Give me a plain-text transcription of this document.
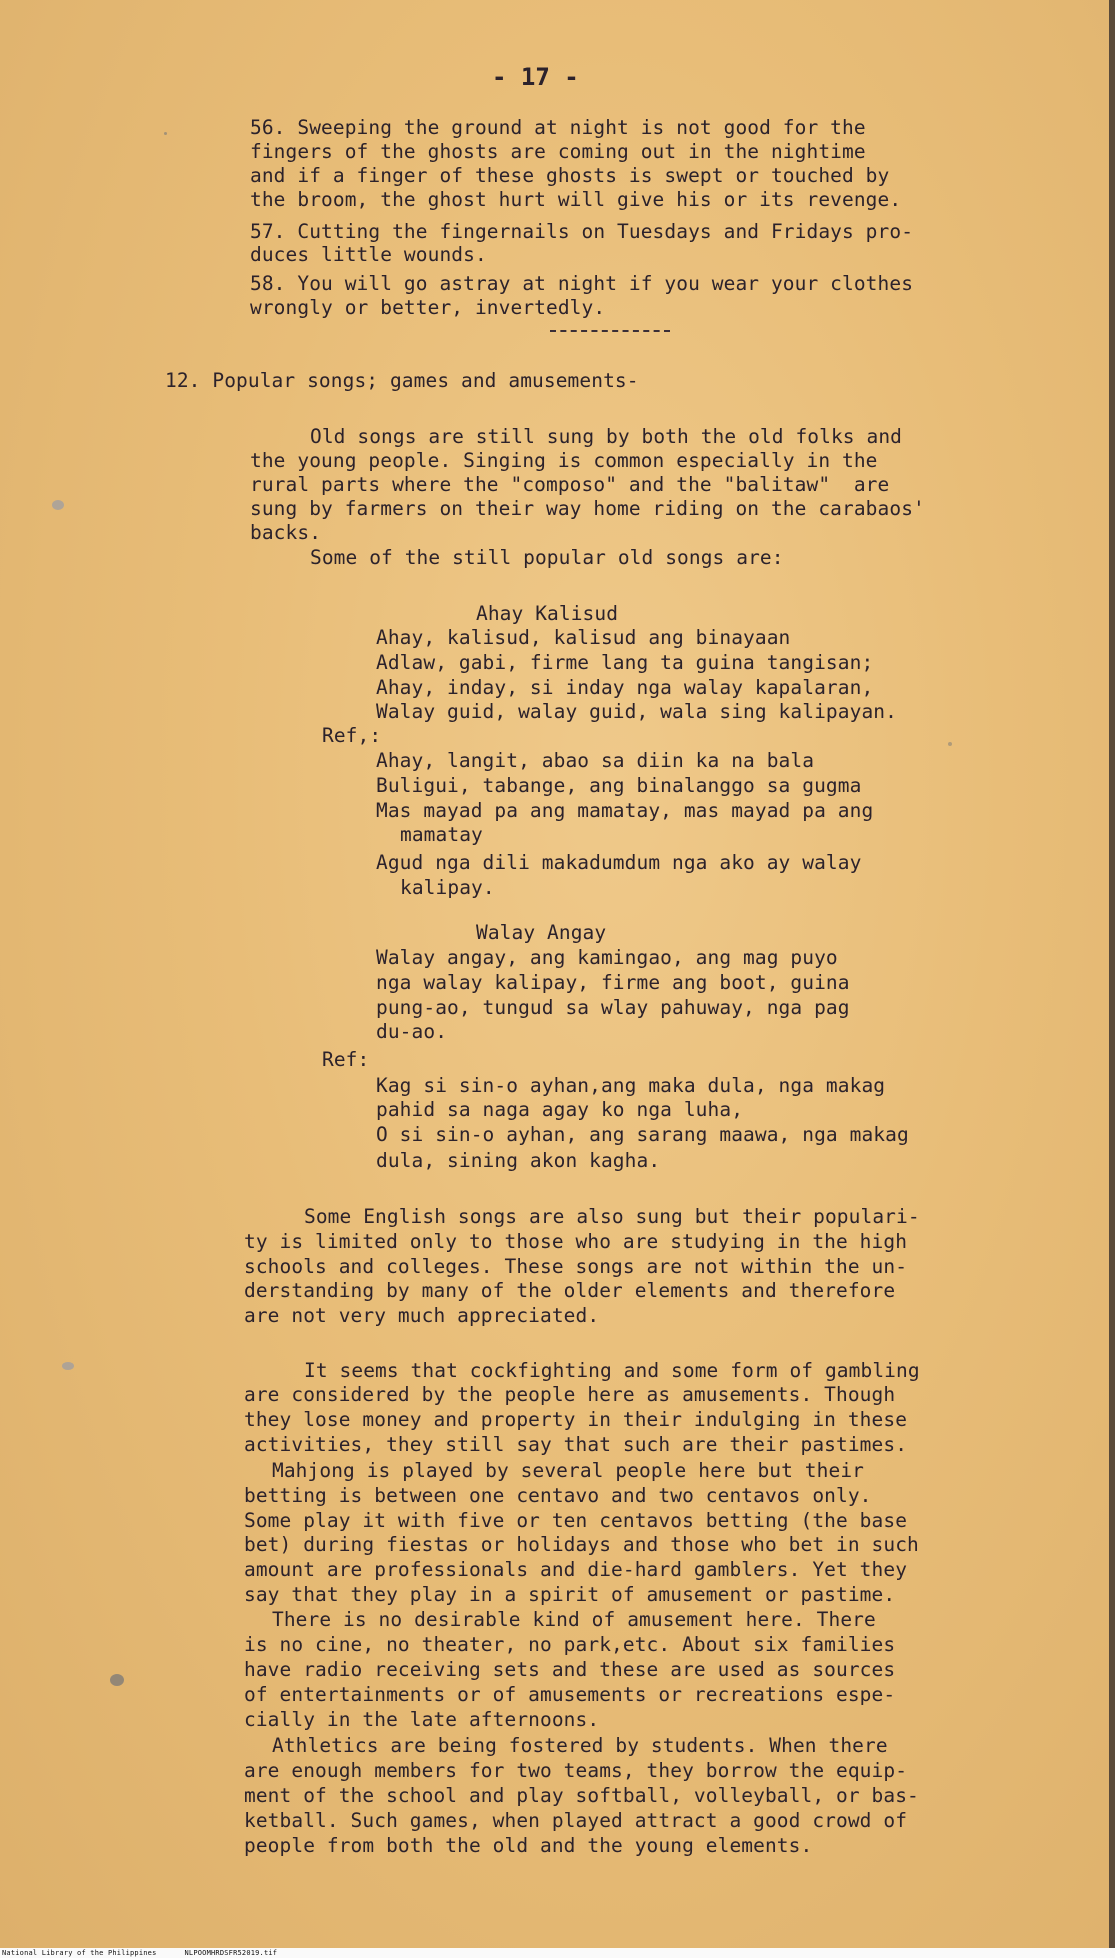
- 17 -
56. Sweeping the ground at night is not good for the
fingers of the ghosts are coming out in the nightime
and if a finger of these ghosts is swept or touched by
the broom, the ghost hurt will give his or its revenge.
57. Cutting the fingernails on Tuesdays and Fridays pro-
duces little wounds.
58. You will go astray at night if you wear your clothes
wrongly or better, invertedly.
12. Popular songs; games and amusements-
Old songs are still sung by both the old folks and
the young people. Singing is common especially in the
rural parts where the "composo" and the "balitaw"  are
sung by farmers on their way home riding on the carabaos'
backs.
Some of the still popular old songs are:
Ahay Kalisud
Ahay, kalisud, kalisud ang binayaan
Adlaw, gabi, firme lang ta guina tangisan;
Ahay, inday, si inday nga walay kapalaran,
Walay guid, walay guid, wala sing kalipayan.
Ref,:
Ahay, langit, abao sa diin ka na bala
Buligui, tabange, ang binalanggo sa gugma
Mas mayad pa ang mamatay, mas mayad pa ang
mamatay
Agud nga dili makadumdum nga ako ay walay
kalipay.
Walay Angay
Walay angay, ang kamingao, ang mag puyo
nga walay kalipay, firme ang boot, guina
pung-ao, tungud sa wlay pahuway, nga pag
du-ao.
Ref:
Kag si sin-o ayhan,ang maka dula, nga makag
pahid sa naga agay ko nga luha,
O si sin-o ayhan, ang sarang maawa, nga makag
dula, sining akon kagha.
Some English songs are also sung but their populari-
ty is limited only to those who are studying in the high
schools and colleges. These songs are not within the un-
derstanding by many of the older elements and therefore
are not very much appreciated.
It seems that cockfighting and some form of gambling
are considered by the people here as amusements. Though
they lose money and property in their indulging in these
activities, they still say that such are their pastimes.
Mahjong is played by several people here but their
betting is between one centavo and two centavos only.
Some play it with five or ten centavos betting (the base
bet) during fiestas or holidays and those who bet in such
amount are professionals and die-hard gamblers. Yet they
say that they play in a spirit of amusement or pastime.
There is no desirable kind of amusement here. There
is no cine, no theater, no park,etc. About six families
have radio receiving sets and these are used as sources
of entertainments or of amusements or recreations espe-
cially in the late afternoons.
Athletics are being fostered by students. When there
are enough members for two teams, they borrow the equip-
ment of the school and play softball, volleyball, or bas-
ketball. Such games, when played attract a good crowd of
people from both the old and the young elements.
National Library of the Philippines	NLPOOMHRDSFR52019.tif
